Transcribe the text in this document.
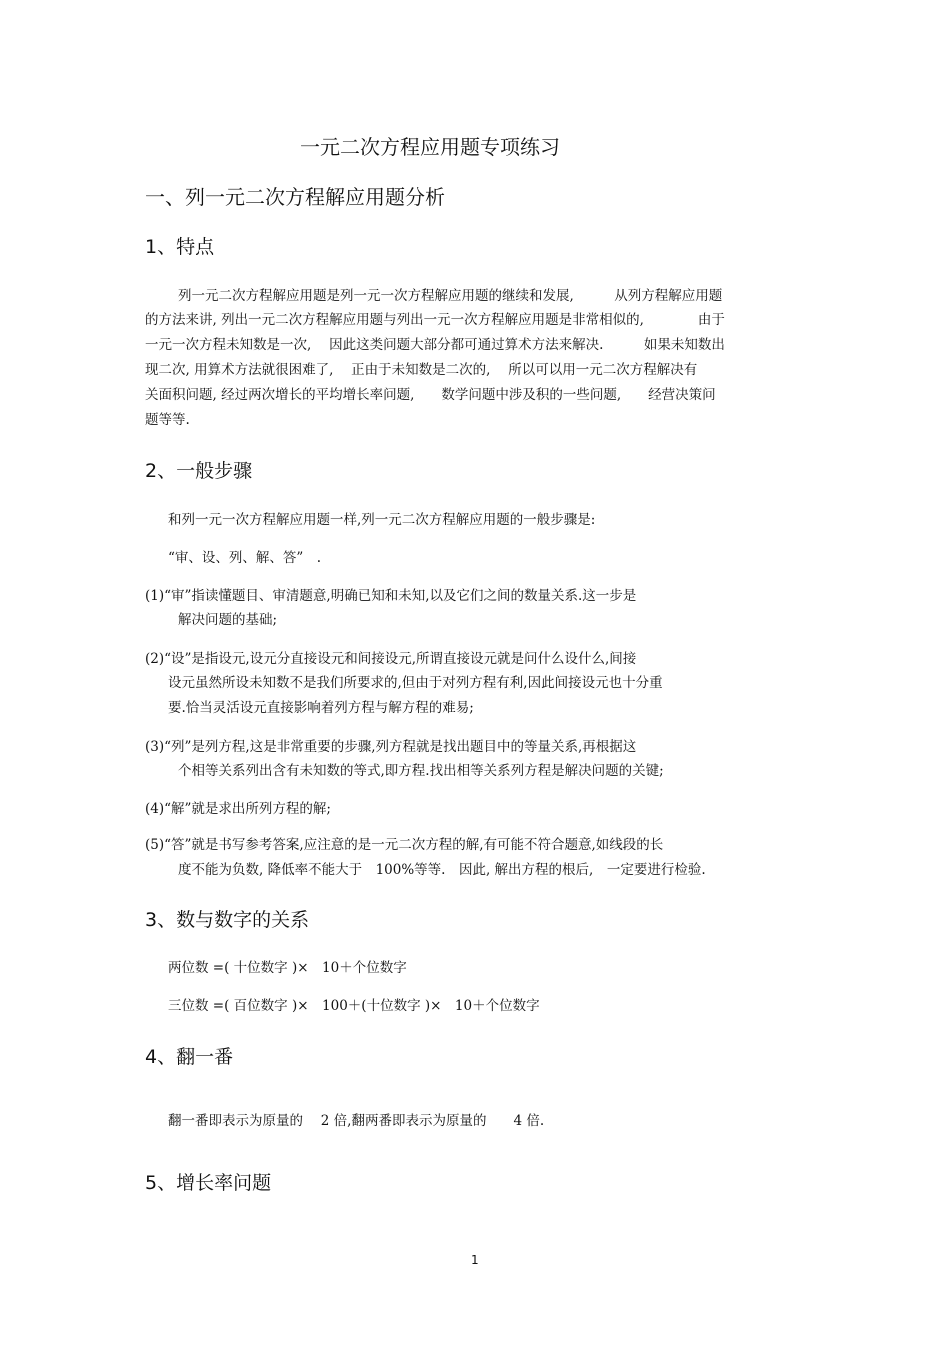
一元二次方程应用题专项练习
一、列一元二次方程解应用题分析
1、特点
列一元二次方程解应用题是列一元一次方程解应用题的继续和发展,　　　从列方程解应用题
的方法来讲, 列出一元二次方程解应用题与列出一元一次方程解应用题是非常相似的,　　　　由于
一元一次方程未知数是一次,　 因此这类问题大部分都可通过算术方法来解决.　　　如果未知数出
现二次, 用算术方法就很困难了,　 正由于未知数是二次的,　 所以可以用一元二次方程解决有
关面积问题, 经过两次增长的平均增长率问题,　　数学问题中涉及积的一些问题,　　经营决策问
题等等.
2、一般步骤
和列一元一次方程解应用题一样,列一元二次方程解应用题的一般步骤是:
“审、设、列、解、答”　.
(1)“审”指读懂题目、审清题意,明确已知和未知,以及它们之间的数量关系.这一步是
解决问题的基础;
(2)“设”是指设元,设元分直接设元和间接设元,所谓直接设元就是问什么设什么,间接
设元虽然所设未知数不是我们所要求的,但由于对列方程有利,因此间接设元也十分重
要.恰当灵活设元直接影响着列方程与解方程的难易;
(3)“列”是列方程,这是非常重要的步骤,列方程就是找出题目中的等量关系,再根据这
个相等关系列出含有未知数的等式,即方程.找出相等关系列方程是解决问题的关键;
(4)“解”就是求出所列方程的解;
(5)“答”就是书写参考答案,应注意的是一元二次方程的解,有可能不符合题意,如线段的长
度不能为负数, 降低率不能大于　100%等等.　因此, 解出方程的根后,　一定要进行检验.
3、数与数字的关系
两位数 =( 十位数字 )×　10＋个位数字
三位数 =( 百位数字 )×　100＋(十位数字 )×　10＋个位数字
4、翻一番
翻一番即表示为原量的　 2 倍,翻两番即表示为原量的　　4 倍.
5、增长率问题
1
